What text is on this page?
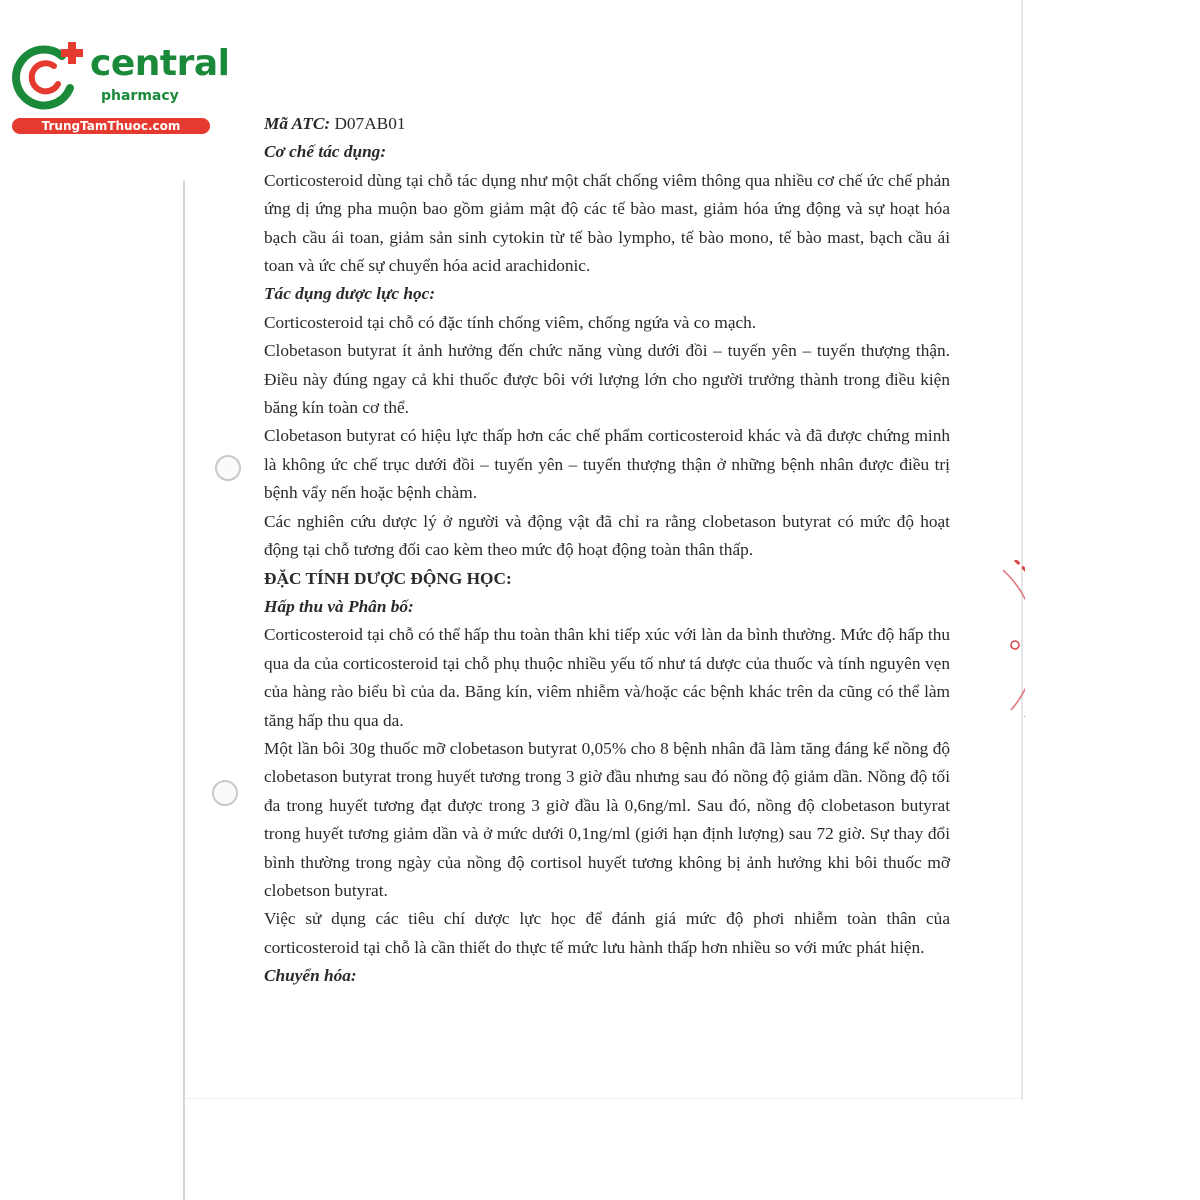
central
pharmacy
TrungTamThuoc.com	Mã ATC: D07AB01

Cơ chế tác dụng:

Corticosteroid dùng tại chỗ tác dụng như một chất chống viêm thông qua nhiều cơ chế ức chế phản ứng dị ứng pha muộn bao gồm giảm mật độ các tế bào mast, giảm hóa ứng động và sự hoạt hóa bạch cầu ái toan, giảm sản sinh cytokin từ tế bào lympho, tế bào mono, tế bào mast, bạch cầu ái toan và ức chế sự chuyển hóa acid arachidonic.

Tác dụng dược lực học:

Corticosteroid tại chỗ có đặc tính chống viêm, chống ngứa và co mạch.

Clobetason butyrat ít ảnh hưởng đến chức năng vùng dưới đồi – tuyến yên – tuyến thượng thận. Điều này đúng ngay cả khi thuốc được bôi với lượng lớn cho người trưởng thành trong điều kiện băng kín toàn cơ thể.

Clobetason butyrat có hiệu lực thấp hơn các chế phẩm corticosteroid khác và đã được chứng minh là không ức chế trục dưới đồi – tuyến yên – tuyến thượng thận ở những bệnh nhân được điều trị bệnh vẩy nến hoặc bệnh chàm.

Các nghiên cứu dược lý ở người và động vật đã chỉ ra rằng clobetason butyrat có mức độ hoạt động tại chỗ tương đối cao kèm theo mức độ hoạt động toàn thân thấp.

ĐẶC TÍNH DƯỢC ĐỘNG HỌC:

Hấp thu và Phân bố:

Corticosteroid tại chỗ có thể hấp thu toàn thân khi tiếp xúc với làn da bình thường. Mức độ hấp thu qua da của corticosteroid tại chỗ phụ thuộc nhiều yếu tố như tá dược của thuốc và tính nguyên vẹn của hàng rào biểu bì của da. Băng kín, viêm nhiễm và/hoặc các bệnh khác trên da cũng có thể làm tăng hấp thu qua da.

Một lần bôi 30g thuốc mỡ clobetason butyrat 0,05% cho 8 bệnh nhân đã làm tăng đáng kể nồng độ clobetason butyrat trong huyết tương trong 3 giờ đầu nhưng sau đó nồng độ giảm dần. Nồng độ tối đa trong huyết tương đạt được trong 3 giờ đầu là 0,6ng/ml. Sau đó, nồng độ clobetason butyrat trong huyết tương giảm dần và ở mức dưới 0,1ng/ml (giới hạn định lượng) sau 72 giờ. Sự thay đổi bình thường trong ngày của nồng độ cortisol huyết tương không bị ảnh hưởng khi bôi thuốc mỡ clobetson butyrat.

Việc sử dụng các tiêu chí dược lực học để đánh giá mức độ phơi nhiễm toàn thân của corticosteroid tại chỗ là cần thiết do thực tế mức lưu hành thấp hơn nhiều so với mức phát hiện.

Chuyển hóa:
